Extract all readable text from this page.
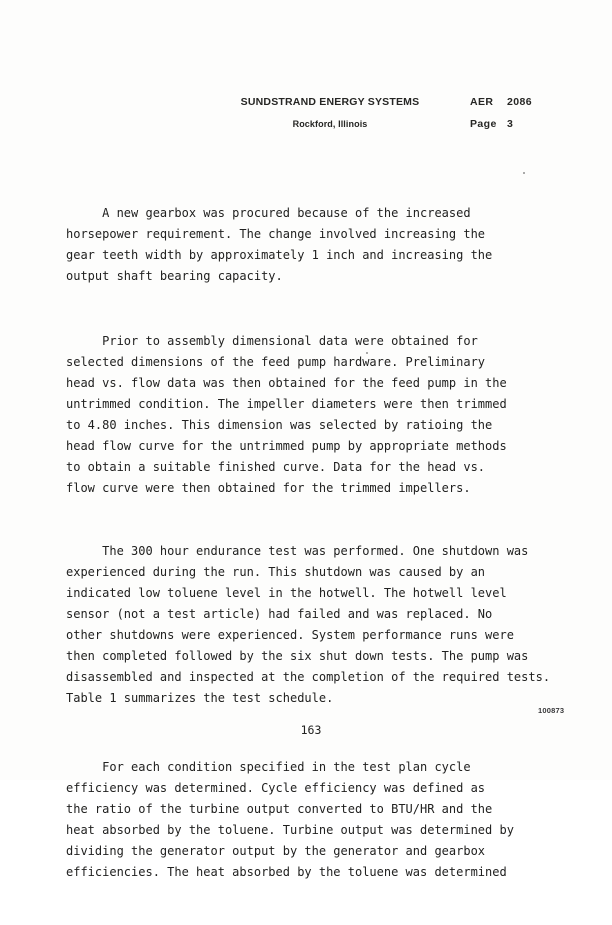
SUNDSTRAND ENERGY SYSTEMS
Rockford, Illinois
AER	2086
Page 3

A new gearbox was procured because of the increased
horsepower requirement. The change involved increasing the
gear teeth width by approximately 1 inch and increasing the
output shaft bearing capacity.

Prior to assembly dimensional data were obtained for
selected dimensions of the feed pump hardware. Preliminary
head vs. flow data was then obtained for the feed pump in the
untrimmed condition. The impeller diameters were then trimmed
to 4.80 inches. This dimension was selected by ratioing the
head flow curve for the untrimmed pump by appropriate methods
to obtain a suitable finished curve. Data for the head vs.
flow curve were then obtained for the trimmed impellers.

The 300 hour endurance test was performed. One shutdown was
experienced during the run. This shutdown was caused by an
indicated low toluene level in the hotwell. The hotwell level
sensor (not a test article) had failed and was replaced. No
other shutdowns were experienced. System performance runs were
then completed followed by the six shut down tests. The pump was
disassembled and inspected at the completion of the required tests.
Table 1 summarizes the test schedule.

For each condition specified in the test plan cycle
efficiency was determined. Cycle efficiency was defined as
the ratio of the turbine output converted to BTU/HR and the
heat absorbed by the toluene. Turbine output was determined by
dividing the generator output by the generator and gearbox
efficiencies. The heat absorbed by the toluene was determined

100873
163
